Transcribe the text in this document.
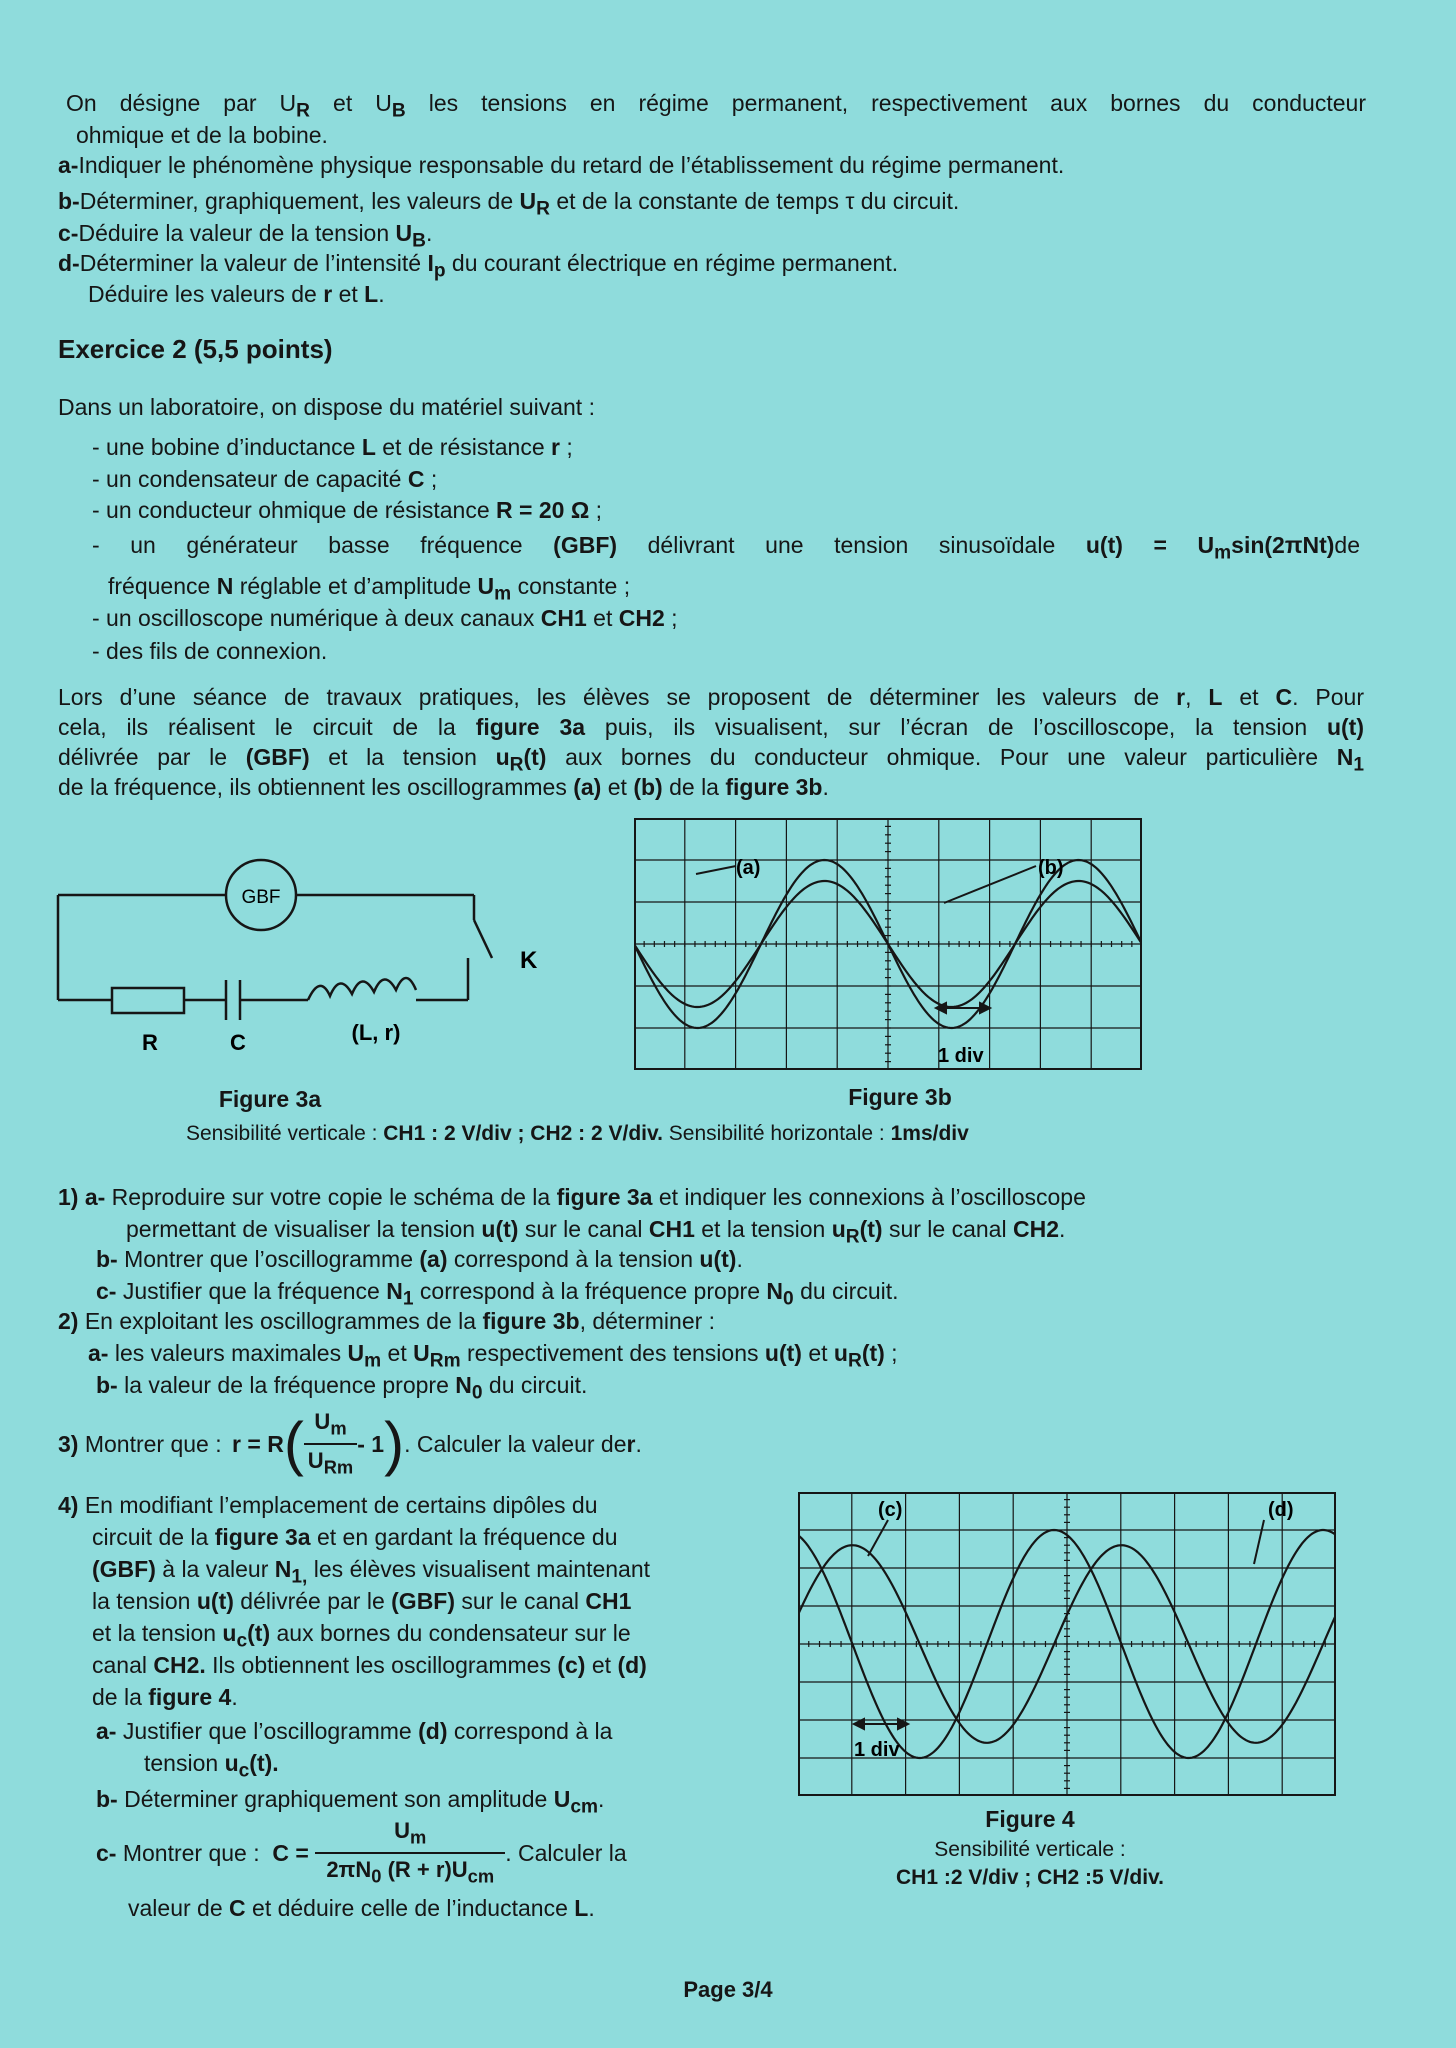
On désigne par $U_R$ et $U_B$ les tensions en régime permanent, respectivement aux bornes du conducteur
ohmique et de la bobine.
a-Indiquer le phénomène physique responsable du retard de l’établissement du régime permanent.
b-Déterminer, graphiquement, les valeurs de $U_R$ et de la constante de temps τ du circuit.
c-Déduire la valeur de la tension $U_B$.
d-Déterminer la valeur de l’intensité $I_p$ du courant électrique en régime permanent.
Déduire les valeurs de r et L.
Exercice 2 (5,5 points)
Dans un laboratoire, on dispose du matériel suivant :
- une bobine d’inductance L et de résistance r ;
- un condensateur de capacité C ;
- un conducteur ohmique de résistance R = 20 Ω ;
- un générateur basse fréquence (GBF) délivrant une tension sinusoïdale $u(t) = U_m\sin(2\pi Nt)de$
fréquence N réglable et d’amplitude $U_m$ constante ;
- un oscilloscope numérique à deux canaux CH1 et CH2 ;
- des fils de connexion.
Lors d’une séance de travaux pratiques, les élèves se proposent de déterminer les valeurs de r, L et C. Pour
cela, ils réalisent le circuit de la figure 3a puis, ils visualisent, sur l’écran de l’oscilloscope, la tension u(t)
délivrée par le (GBF) et la tension $u_R(t)$ aux bornes du conducteur ohmique. Pour une valeur particulière $N_1$
de la fréquence, ils obtiennent les oscillogrammes (a) et (b) de la figure 3b.
GBF
K
R	C	(L, r)
Figure 3a
(a)	(b)
1 div
Figure 3b
Sensibilité verticale : CH1 : 2 V/div ; CH2 : 2 V/div. Sensibilité horizontale : 1ms/div
1) a- Reproduire sur votre copie le schéma de la figure 3a et indiquer les connexions à l’oscilloscope
permettant de visualiser la tension u(t) sur le canal CH1 et la tension $u_R(t)$ sur le canal CH2.
b- Montrer que l’oscillogramme (a) correspond à la tension u(t).
c- Justifier que la fréquence $N_1$ correspond à la fréquence propre $N_0$ du circuit.
2) En exploitant les oscillogrammes de la figure 3b, déterminer :
a- les valeurs maximales $U_m$ et $U_{Rm}$ respectivement des tensions u(t) et $u_R(t)$ ;
b- la valeur de la fréquence propre $N_0$ du circuit.
3) Montrer que : r = R ( $\frac{U_m}{U_{Rm}} - 1$ ) . Calculer la valeur de r .
4) En modifiant l’emplacement de certains dipôles du
circuit de la figure 3a et en gardant la fréquence du
(GBF) à la valeur $N_{1,}$ les élèves visualisent maintenant
la tension u(t) délivrée par le (GBF) sur le canal CH1
et la tension $u_c(t)$ aux bornes du condensateur sur le
canal CH2. Ils obtiennent les oscillogrammes (c) et (d)
de la figure 4.
a- Justifier que l’oscillogramme (d) correspond à la
tension $u_c(t)$.
b- Déterminer graphiquement son amplitude $U_{cm}$.
c- Montrer que : $C = \frac{U_m}{2\pi N_0 (R + r)U_{cm}}$ . Calculer la
valeur de C et déduire celle de l’inductance L.
(c)	(d)
1 div
Figure 4
Sensibilité verticale :
CH1 :2 V/div ; CH2 :5 V/div.
Page 3/4
